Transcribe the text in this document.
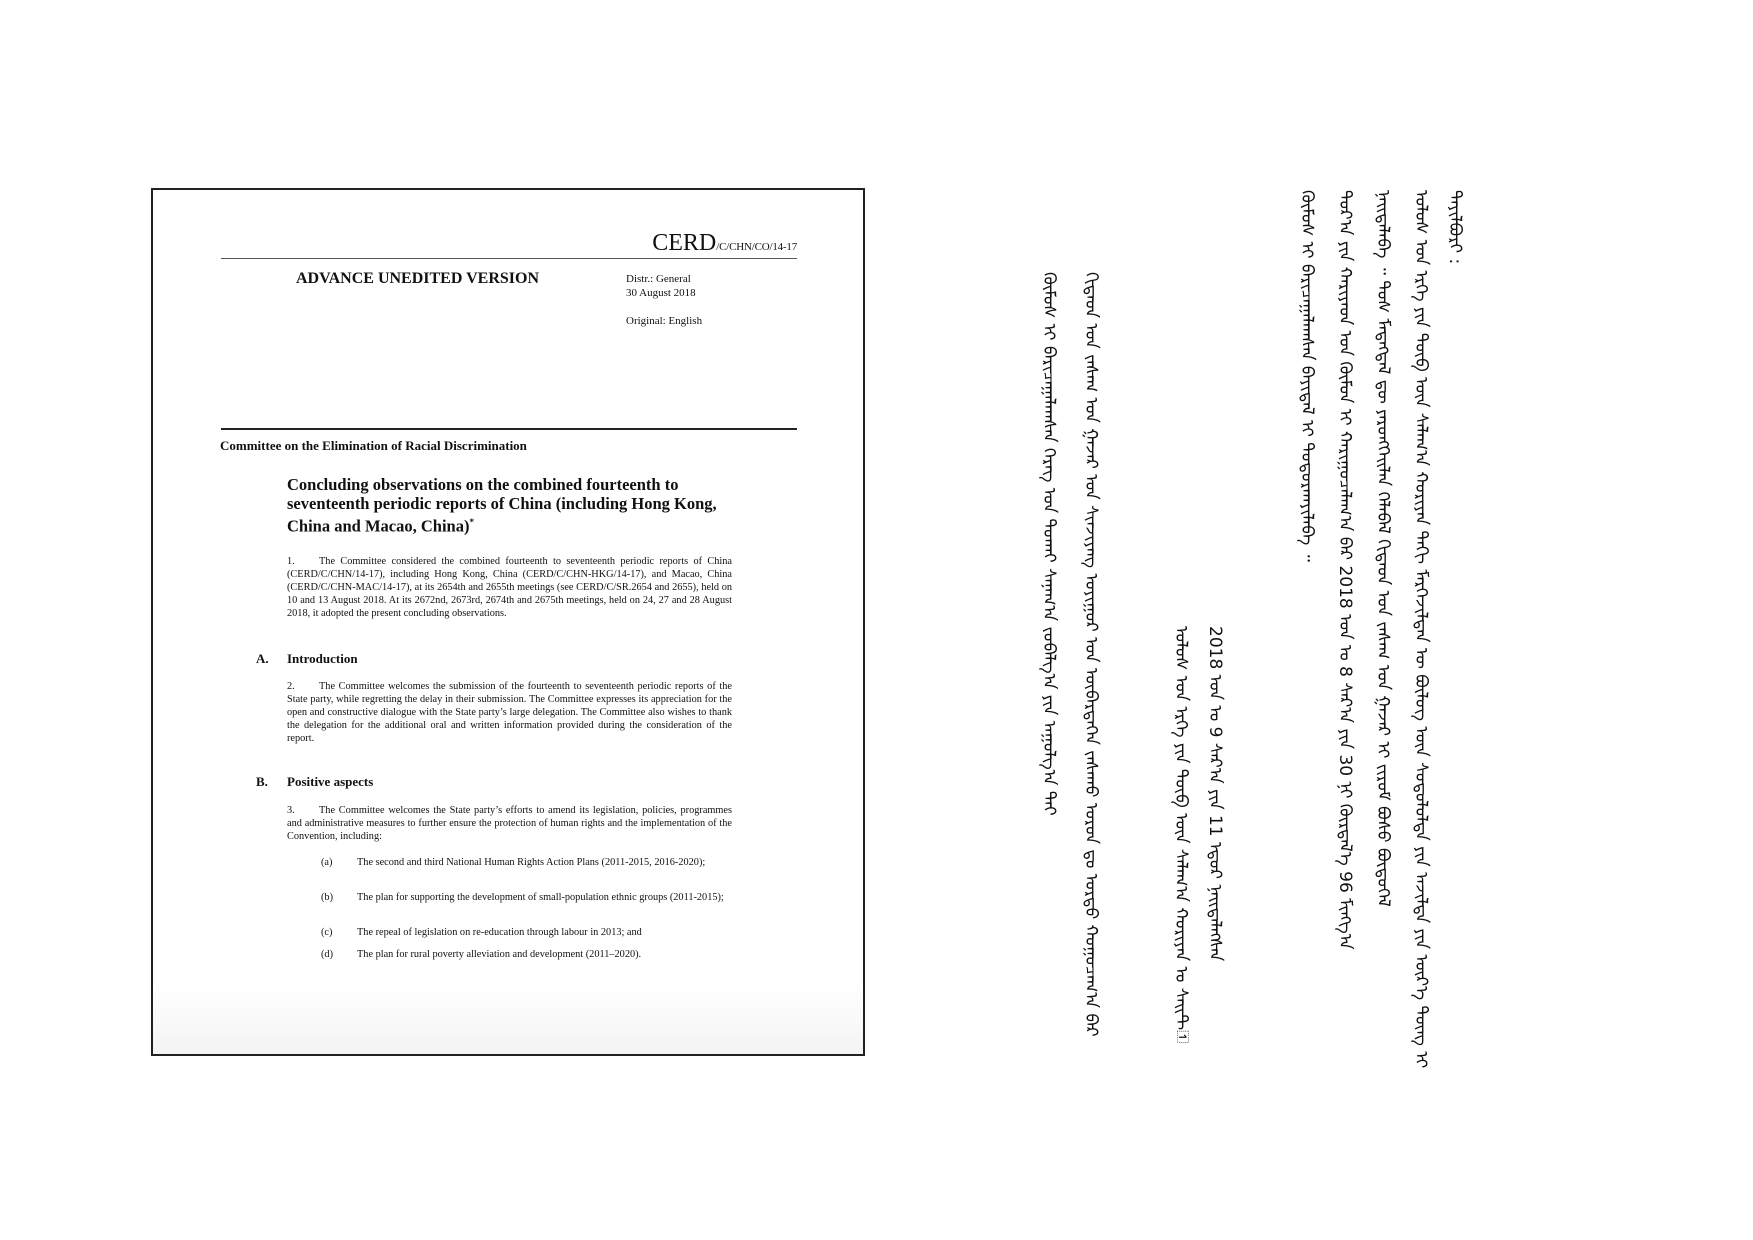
CERD/C/CHN/CO/14-17
ADVANCE UNEDITED VERSION	Distr.: General
30 August 2018
Original: English
Committee on the Elimination of Racial Discrimination
Concluding observations on the combined fourteenth to seventeenth periodic reports of China (including Hong Kong, China and Macao, China)*
1. The Committee considered the combined fourteenth to seventeenth periodic reports of China (CERD/C/CHN/14-17), including Hong Kong, China (CERD/C/CHN-HKG/14-17), and Macao, China (CERD/C/CHN-MAC/14-17), at its 2654th and 2655th meetings (see CERD/C/SR.2654 and 2655), held on 10 and 13 August 2018. At its 2672nd, 2673rd, 2674th and 2675th meetings, held on 24, 27 and 28 August 2018, it adopted the present concluding observations.
A. Introduction
2. The Committee welcomes the submission of the fourteenth to seventeenth periodic reports of the State party, while regretting the delay in their submission. The Committee expresses its appreciation for the open and constructive dialogue with the State party’s large delegation. The Committee also wishes to thank the delegation for the additional oral and written information provided during the consideration of the report.
B. Positive aspects
3. The Committee welcomes the State party’s efforts to amend its legislation, policies, programmes and administrative measures to further ensure the protection of human rights and the implementation of the Convention, including:
(a) The second and third National Human Rights Action Plans (2011-2015, 2016-2020);
(b) The plan for supporting the development of small-population ethnic groups (2011-2015);
(c) The repeal of legislation on re-education through labour in 2013; and
(d) The plan for rural poverty alleviation and development (2011–2020).
ᠬᠦᠮᠦᠰ ᠢ ᠪᠠᠷᠢᠴᠠᠭᠠᠯᠠᠭᠰᠠᠨ ᠬᠡᠷᠡᠭ ᠤᠨ ᠲᠤᠬᠠᠢ ᠰᠠᠨᠠᠭ᠎ᠠ ᠵᠣᠪᠠᠯᠭ᠎ᠠ ᠶᠢᠨ ᠠᠭᠤᠯᠭ᠎ᠠ ᠲᠠᠢ ᠬᠢᠲᠠᠳ ᠤᠨ ᠵᠠᠰᠠᠭ ᠤᠨ ᠭᠠᠵᠠᠷ ᠤᠨ ᠰᠢᠨᠵᠢᠶᠠᠩ ᠤᠶᠢᠭᠤᠷ ᠤᠨ ᠥᠪᠡᠷᠲᠡᠭᠡᠨ ᠵᠠᠰᠠᠬᠤ ᠣᠷᠤᠨ ᠳᠤ ᠤᠷᠲᠤ ᠬᠤᠭᠤᠴᠠᠭ᠎ᠠ ᠪᠠᠷ	ᠤᠯᠤᠰ ᠤᠨ ᠡᠷᠬᠡ ᠶᠢᠨ ᠲᠥᠪ ᠦᠨ ᠰᠠᠯᠠᠭ᠎ᠠ ᠬᠣᠷᠢᠶᠠᠨ ᠤ ᠰᠠᠢᠲ᠋ 2018 ᠣᠨ ᠤ 9 ᠰᠠᠷ᠎ᠠ ᠶᠢᠨ 11 ᠡᠳᠦᠷ ᠨᠡᠢᠲᠡᠯᠡᠭᠰᠡᠨ
ᠬᠦᠮᠦᠰ ᠢ ᠪᠠᠷᠢᠴᠠᠭᠠᠯᠠᠭᠰᠠᠨ ᠪᠠᠶᠢᠳᠠᠯ ᠢ ᠲᠣᠳᠣᠷᠬᠠᠶᠢᠯᠠᠪᠠ ᠃ ᠳᠤᠷ᠎ᠠ ᠶᠢᠨ ᠬᠠᠷᠢᠶᠠᠳ ᠤᠨ ᠬᠦᠮᠦᠨ ᠢ ᠬᠠᠷᠢᠭᠤᠴᠠᠯᠠᠭ᠎ᠠ ᠪᠠᠷ 2018 ᠣᠨ ᠤ 8 ᠰᠠᠷ᠎ᠠ ᠶᠢᠨ 30 ᠨᠢ ᠬᠦᠷᠲᠡᠯ᠎ᠡ 96 ᠮᠢᠩᠭ᠎ᠠ ᠨᠡᠢᠲᠡᠯᠡᠪᠡ ᠃ ᠲᠤᠰ ᠮᠡᠳᠡᠭᠳᠡᠯ ᠳᠦ ᠶᠡᠷᠦᠩᠬᠡᠢᠯᠡᠨ ᠬᠡᠯᠡᠪᠡᠯ ᠬᠢᠲᠠᠳ ᠤᠨ ᠵᠠᠰᠠᠭ ᠤᠨ ᠭᠠᠵᠠᠷ ᠢ ᠵᠢᠷᠤᠮ ᠪᠤᠰᠤ ᠪᠦᠲᠦᠭᠡᠯ ᠤᠯᠤᠰ ᠤᠨ ᠡᠷᠬᠡ ᠶᠢᠨ ᠲᠥᠪ ᠦᠨ ᠰᠠᠯᠠᠭ᠎ᠠ ᠬᠣᠷᠢᠶᠠᠨ ᠳᠠᠬᠢ ᠮᠡᠷᠭᠡᠵᠢᠯᠲᠡᠨ ᠦ ᠪᠦᠯᠦᠭ ᠦᠨ ᠰᠤᠳᠤᠯᠤᠯᠲᠠ ᠶᠢᠨ ᠠᠵᠢᠯᠳᠠ ᠶᠢᠨ ᠦᠷ᠎ᠡ ᠳᠦᠩ ᠢ ᠲᠠᠶᠢᠯᠪᠤᠷᠢ :
